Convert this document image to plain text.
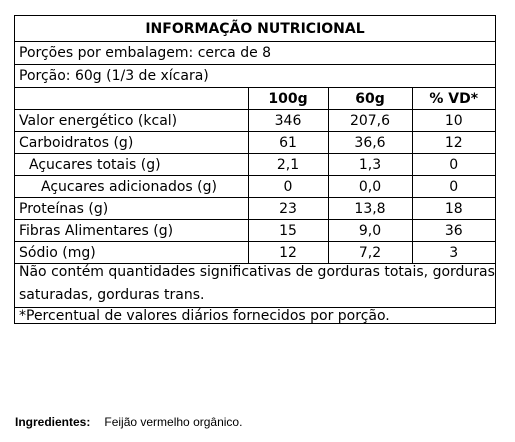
INFORMAÇÃO NUTRICIONAL
Porções por embalagem: cerca de 8
Porção: 60g (1/3 de xícara)
	100g	60g	% VD*
Valor energético (kcal)	346	207,6	10
Carboidratos (g)	61	36,6	12
Açucares totais (g)	2,1	1,3	0
Açucares adicionados (g)	0	0,0	0
Proteínas (g)	23	13,8	18
Fibras Alimentares (g)	15	9,0	36
Sódio (mg)	12	7,2	3
Não contém quantidades significativas de gorduras totais, gorduras
saturadas, gorduras trans.
*Percentual de valores diários fornecidos por porção.
Ingredientes: Feijão vermelho orgânico.
